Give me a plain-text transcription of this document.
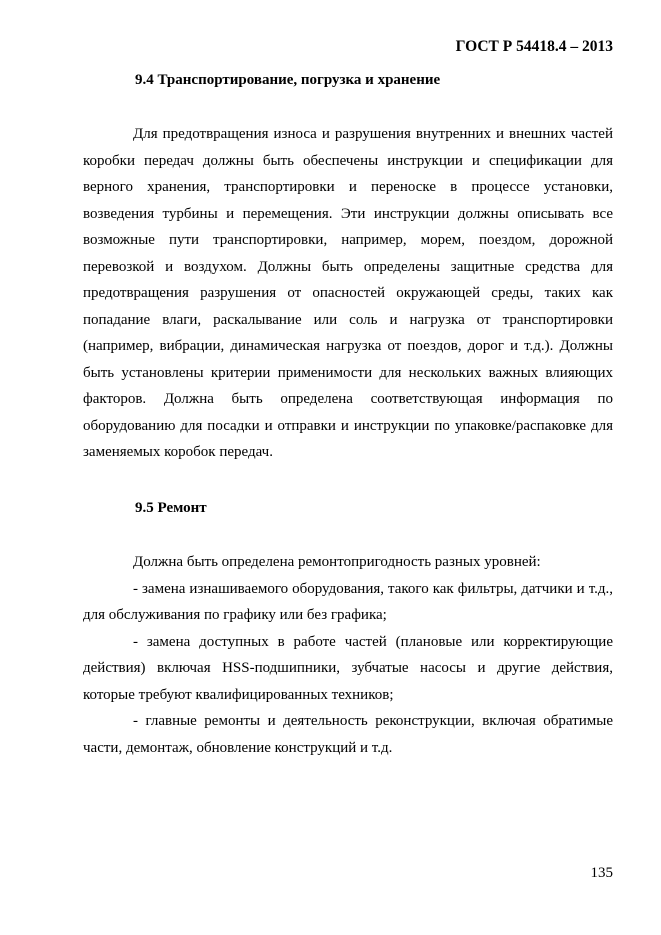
ГОСТ Р 54418.4 – 2013
9.4 Транспортирование, погрузка и хранение

Для предотвращения износа и разрушения внутренних и внешних частей коробки передач должны быть обеспечены инструкции и спецификации для верного хранения, транспортировки и переноске в процессе установки, возведения турбины и перемещения. Эти инструкции должны описывать все возможные пути транспортировки, например, морем, поездом, дорожной перевозкой и воздухом. Должны быть определены защитные средства для предотвращения разрушения от опасностей окружающей среды, таких как попадание влаги, раскалывание или соль и нагрузка от транспортировки (например, вибрации, динамическая нагрузка от поездов, дорог и т.д.). Должны быть установлены критерии применимости для нескольких важных влияющих факторов. Должна быть определена соответствующая информация по оборудованию для посадки и отправки и инструкции по упаковке/распаковке для заменяемых коробок передач.

9.5 Ремонт

Должна быть определена ремонтопригодность разных уровней:

- замена изнашиваемого оборудования, такого как фильтры, датчики и т.д., для обслуживания по графику или без графика;

- замена доступных в работе частей (плановые или корректирующие действия) включая HSS-подшипники, зубчатые насосы и другие действия, которые требуют квалифицированных техников;

- главные ремонты и деятельность реконструкции, включая обратимые части, демонтаж, обновление конструкций и т.д.

135
